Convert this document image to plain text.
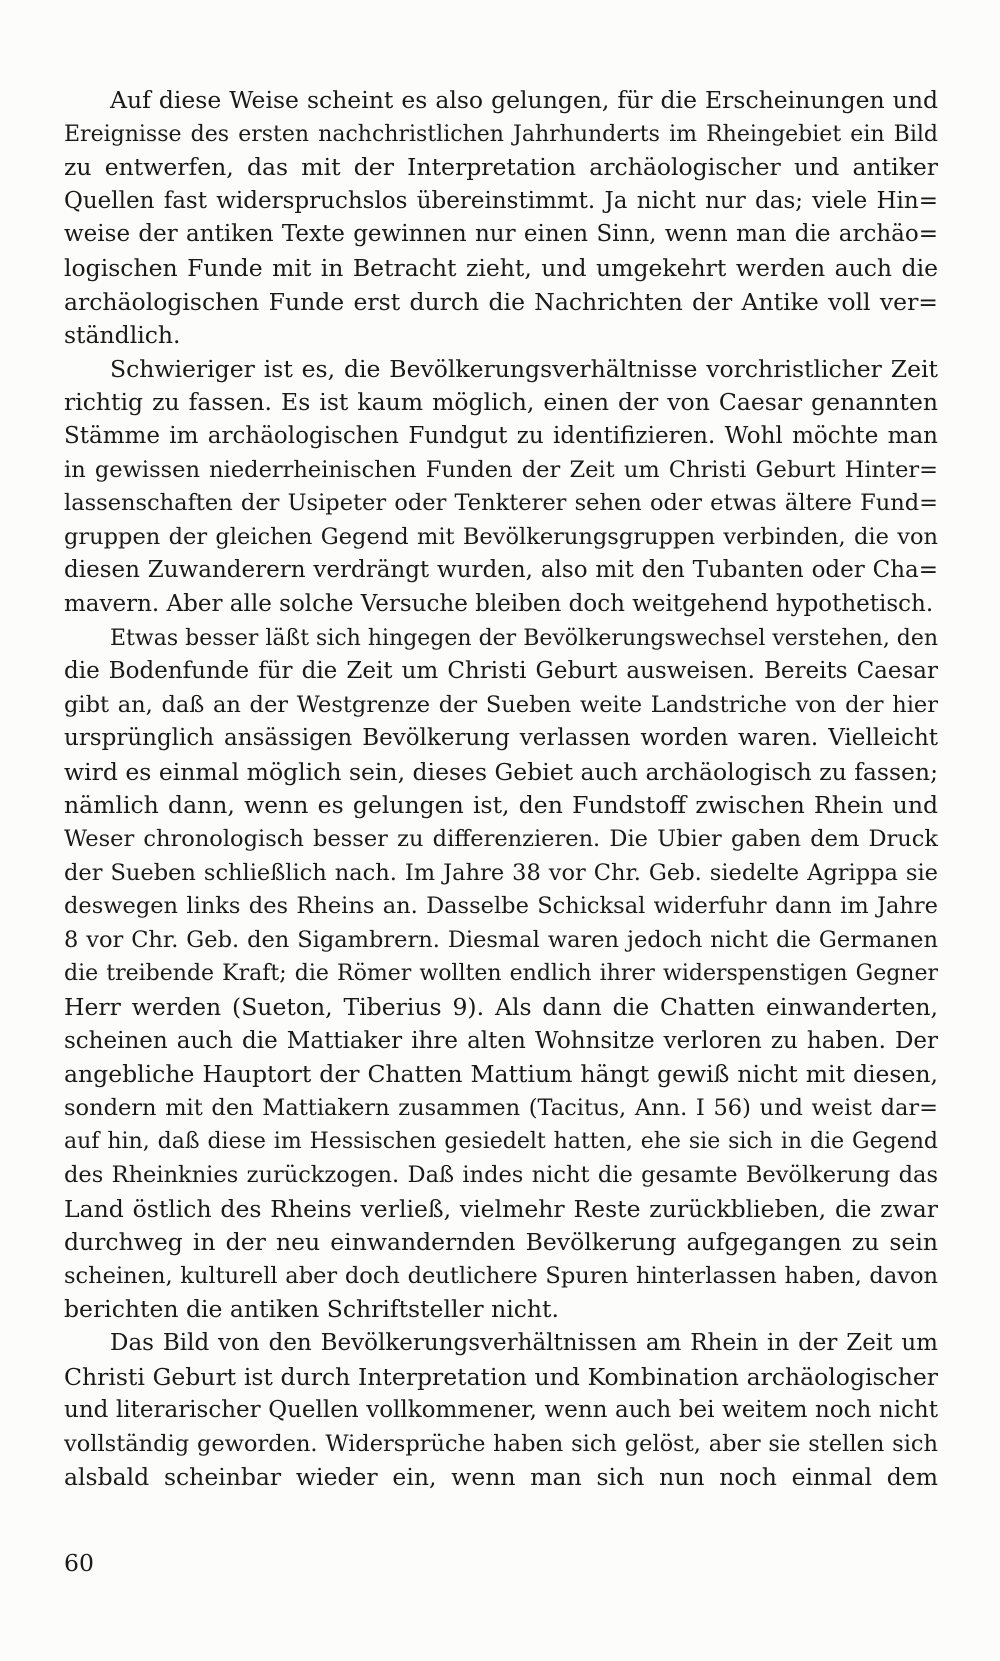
Auf diese Weise scheint es also gelungen, für die Erscheinungen und
Ereignisse des ersten nachchristlichen Jahrhunderts im Rheingebiet ein Bild
zu entwerfen, das mit der Interpretation archäologischer und antiker
Quellen fast widerspruchslos übereinstimmt. Ja nicht nur das; viele Hin=
weise der antiken Texte gewinnen nur einen Sinn, wenn man die archäo=
logischen Funde mit in Betracht zieht, und umgekehrt werden auch die
archäologischen Funde erst durch die Nachrichten der Antike voll ver=
ständlich.
Schwieriger ist es, die Bevölkerungsverhältnisse vorchristlicher Zeit
richtig zu fassen. Es ist kaum möglich, einen der von Caesar genannten
Stämme im archäologischen Fundgut zu identifizieren. Wohl möchte man
in gewissen niederrheinischen Funden der Zeit um Christi Geburt Hinter=
lassenschaften der Usipeter oder Tenkterer sehen oder etwas ältere Fund=
gruppen der gleichen Gegend mit Bevölkerungsgruppen verbinden, die von
diesen Zuwanderern verdrängt wurden, also mit den Tubanten oder Cha=
mavern. Aber alle solche Versuche bleiben doch weitgehend hypothetisch.
Etwas besser läßt sich hingegen der Bevölkerungswechsel verstehen, den
die Bodenfunde für die Zeit um Christi Geburt ausweisen. Bereits Caesar
gibt an, daß an der Westgrenze der Sueben weite Landstriche von der hier
ursprünglich ansässigen Bevölkerung verlassen worden waren. Vielleicht
wird es einmal möglich sein, dieses Gebiet auch archäologisch zu fassen;
nämlich dann, wenn es gelungen ist, den Fundstoff zwischen Rhein und
Weser chronologisch besser zu differenzieren. Die Ubier gaben dem Druck
der Sueben schließlich nach. Im Jahre 38 vor Chr. Geb. siedelte Agrippa sie
deswegen links des Rheins an. Dasselbe Schicksal widerfuhr dann im Jahre
8 vor Chr. Geb. den Sigambrern. Diesmal waren jedoch nicht die Germanen
die treibende Kraft; die Römer wollten endlich ihrer widerspenstigen Gegner
Herr werden (Sueton, Tiberius 9). Als dann die Chatten einwanderten,
scheinen auch die Mattiaker ihre alten Wohnsitze verloren zu haben. Der
angebliche Hauptort der Chatten Mattium hängt gewiß nicht mit diesen,
sondern mit den Mattiakern zusammen (Tacitus, Ann. I 56) und weist dar=
auf hin, daß diese im Hessischen gesiedelt hatten, ehe sie sich in die Gegend
des Rheinknies zurückzogen. Daß indes nicht die gesamte Bevölkerung das
Land östlich des Rheins verließ, vielmehr Reste zurückblieben, die zwar
durchweg in der neu einwandernden Bevölkerung aufgegangen zu sein
scheinen, kulturell aber doch deutlichere Spuren hinterlassen haben, davon
berichten die antiken Schriftsteller nicht.
Das Bild von den Bevölkerungsverhältnissen am Rhein in der Zeit um
Christi Geburt ist durch Interpretation und Kombination archäologischer
und literarischer Quellen vollkommener, wenn auch bei weitem noch nicht
vollständig geworden. Widersprüche haben sich gelöst, aber sie stellen sich
alsbald scheinbar wieder ein, wenn man sich nun noch einmal dem
60
